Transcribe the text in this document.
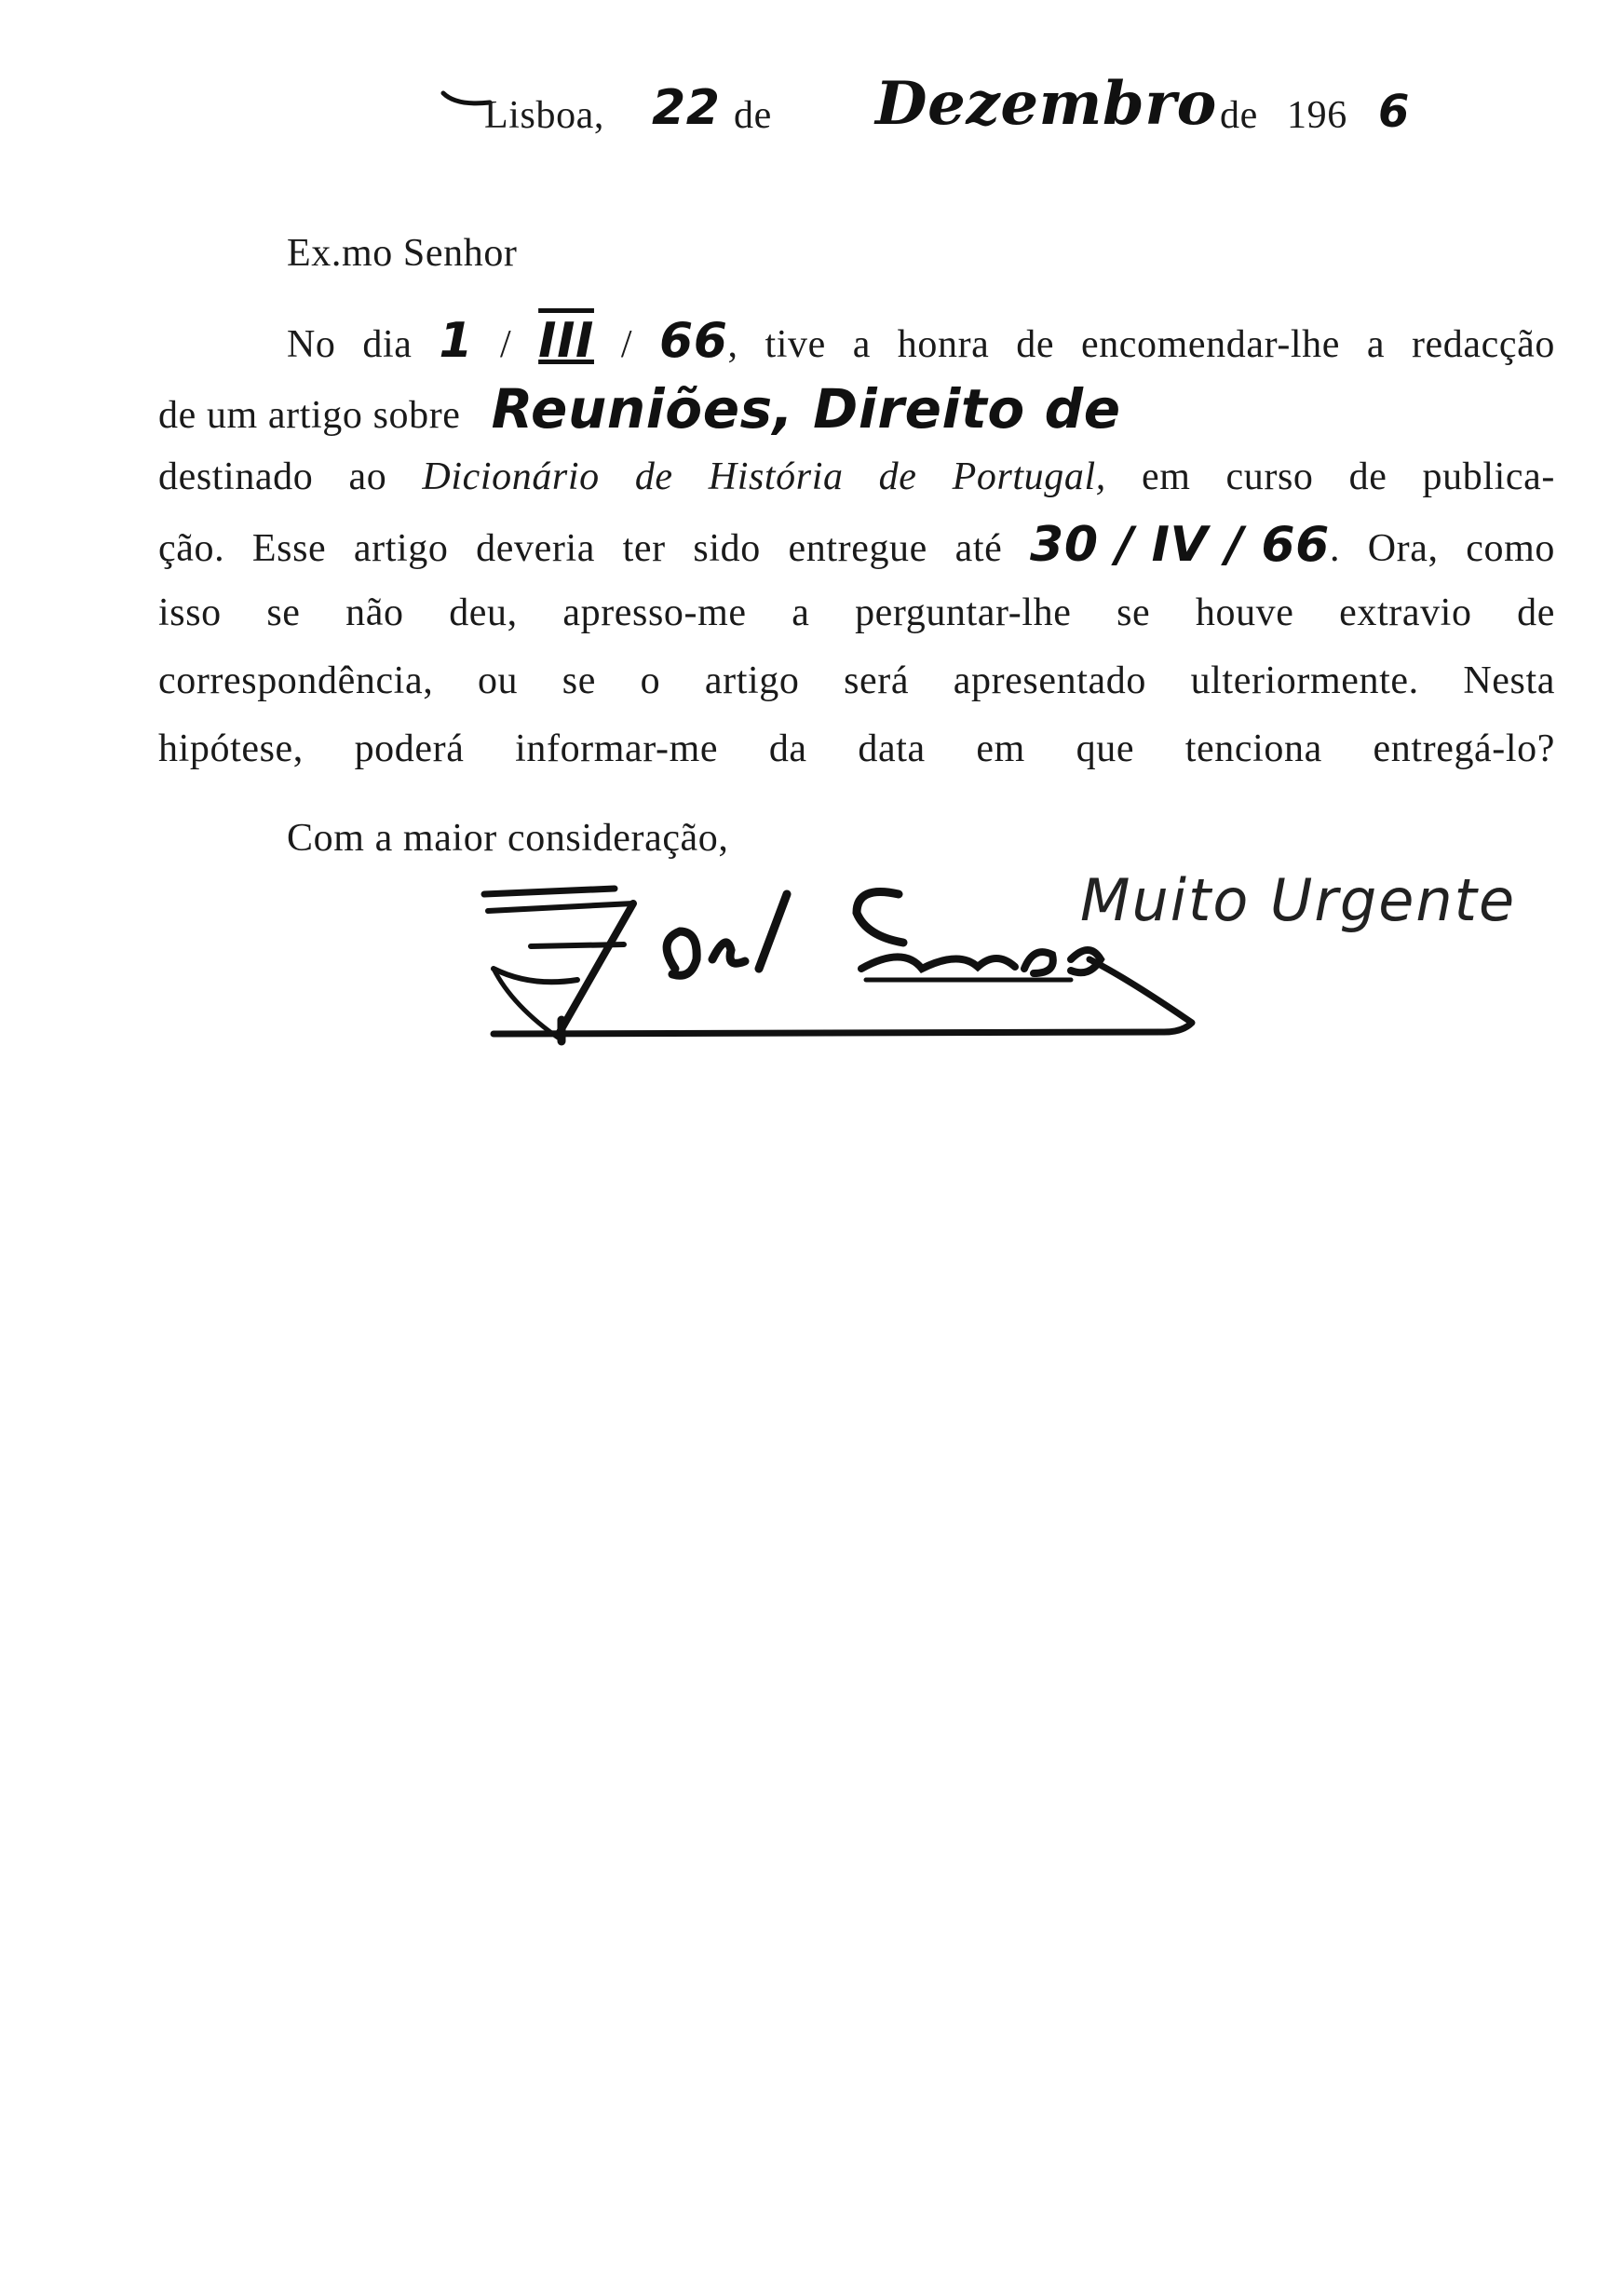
Lisboa, 22 de Dezembro de 196 6
Ex.mo Senhor
No dia 1 / III / 66, tive a honra de encomendar-lhe a redacção
de um artigo sobre Reuniões, Direito de
destinado ao Dicionário de História de Portugal, em curso de publica-
ção. Esse artigo deveria ter sido entregue até 30 / IV / 66. Ora, como
isso se não deu, apresso-me a perguntar-lhe se houve extravio de
correspondência, ou se o artigo será apresentado ulteriormente. Nesta
hipótese, poderá informar-me da data em que tenciona entregá-lo?
Com a maior consideração,
Muito Urgente
